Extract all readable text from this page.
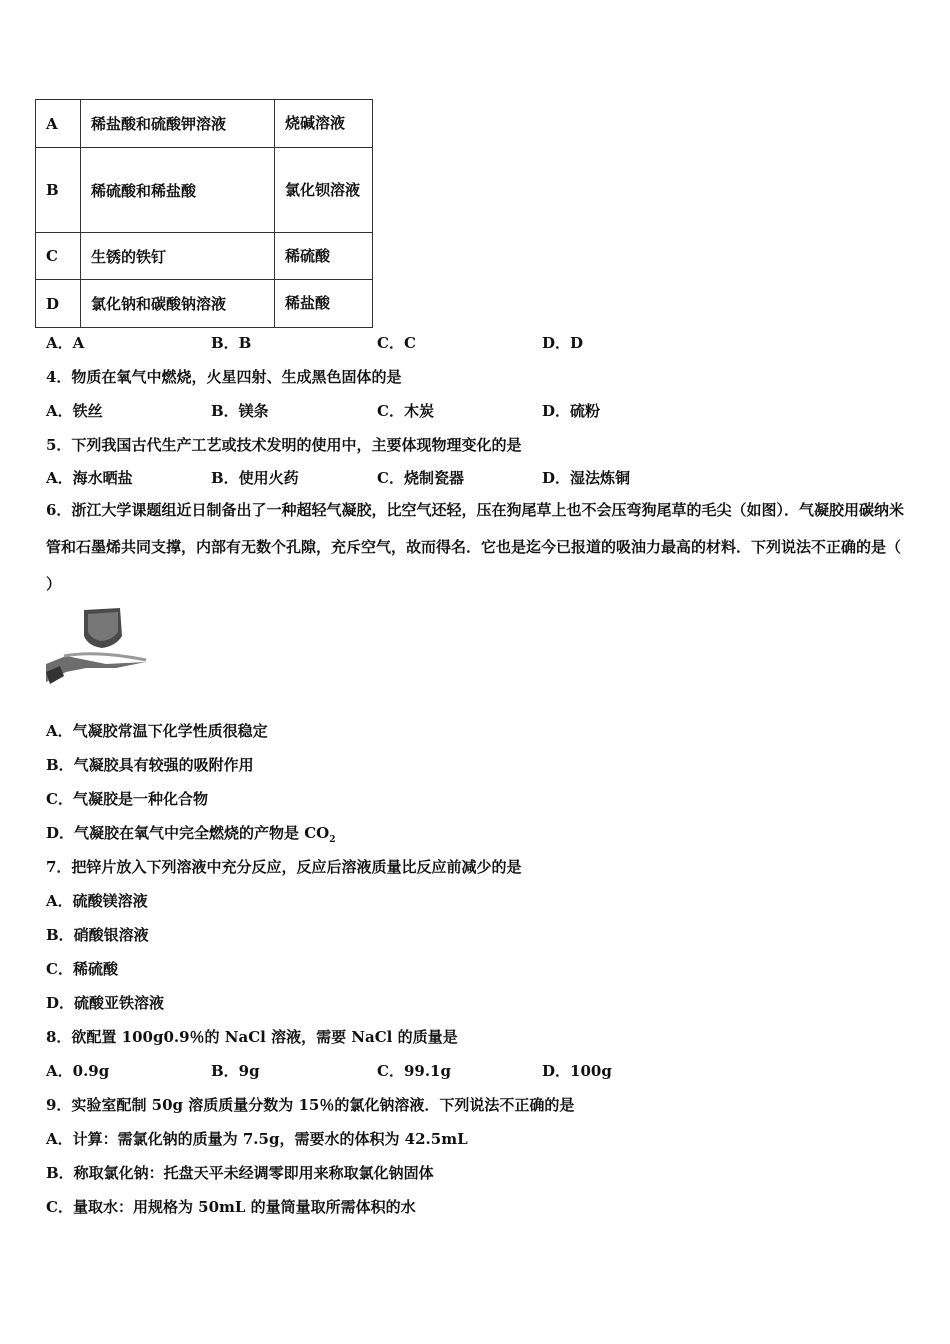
A	稀盐酸和硫酸钾溶液	烧碱溶液
B	稀硫酸和稀盐酸	氯化钡溶液
C	生锈的铁钉	稀硫酸
D	氯化钠和碳酸钠溶液	稀盐酸
A．A	B．B	C．C	D．D
4．物质在氧气中燃烧，火星四射、生成黑色固体的是
A．铁丝	B．镁条	C．木炭	D．硫粉
5．下列我国古代生产工艺或技术发明的使用中，主要体现物理变化的是
A．海水晒盐	B．使用火药	C．烧制瓷器	D．湿法炼铜
6．浙江大学课题组近日制备出了一种超轻气凝胶，比空气还轻，压在狗尾草上也不会压弯狗尾草的毛尖（如图）．气凝胶用碳纳米管和石墨烯共同支撑，内部有无数个孔隙，充斥空气，故而得名．它也是迄今已报道的吸油力最高的材料．下列说法不正确的是（ ）
A．气凝胶常温下化学性质很稳定
B．气凝胶具有较强的吸附作用
C．气凝胶是一种化合物
D．气凝胶在氧气中完全燃烧的产物是 $CO_2$
7．把锌片放入下列溶液中充分反应，反应后溶液质量比反应前减少的是
A．硫酸镁溶液
B．硝酸银溶液
C．稀硫酸
D．硫酸亚铁溶液
8．欲配置 100g0.9％的 NaCl 溶液，需要 NaCl 的质量是
A．0.9g	B．9g	C．99.1g	D．100g
9．实验室配制 50g 溶质质量分数为 15％的氯化钠溶液．下列说法不正确的是
A．计算：需氯化钠的质量为 7.5g，需要水的体积为 42.5mL
B．称取氯化钠：托盘天平未经调零即用来称取氯化钠固体
C．量取水：用规格为 50mL 的量筒量取所需体积的水
